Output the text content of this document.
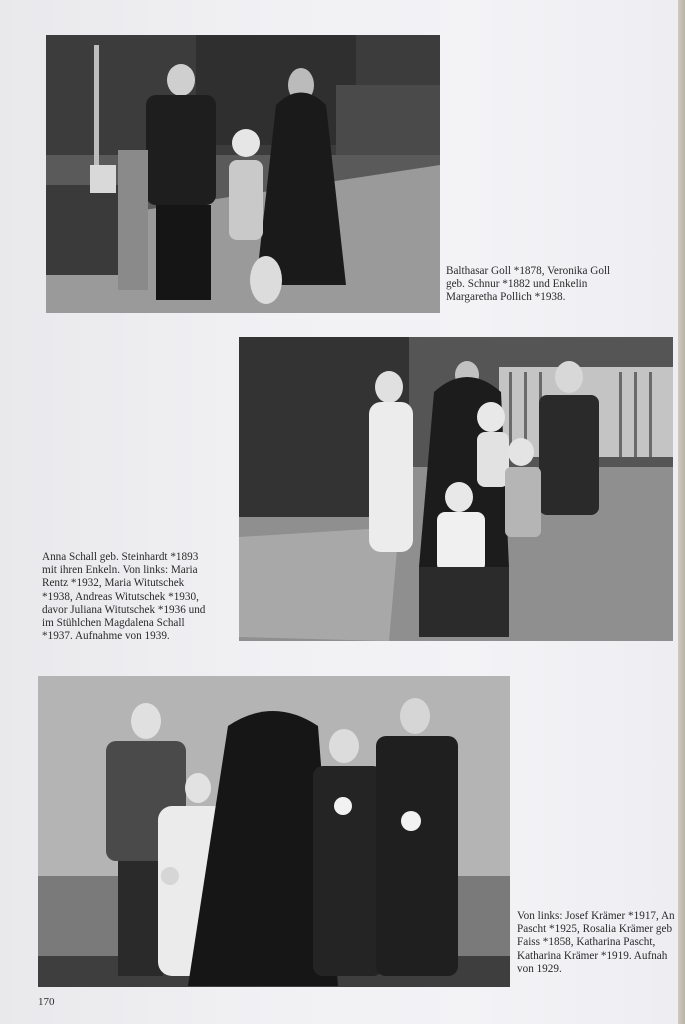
Balthasar Goll *1878, Veronika Goll
geb. Schnur *1882 und Enkelin
Margaretha Pollich *1938.
Anna Schall geb. Steinhardt *1893
mit ihren Enkeln. Von links: Maria
Rentz *1932, Maria Witutschek
*1938, Andreas Witutschek *1930,
davor Juliana Witutschek *1936 und
im Stühlchen Magdalena Schall
*1937. Aufnahme von 1939.
Von links: Josef Krämer *1917, An
Pascht *1925, Rosalia Krämer geb
Faiss *1858, Katharina Pascht,
Katharina Krämer *1919. Aufnah
von 1929.
170
